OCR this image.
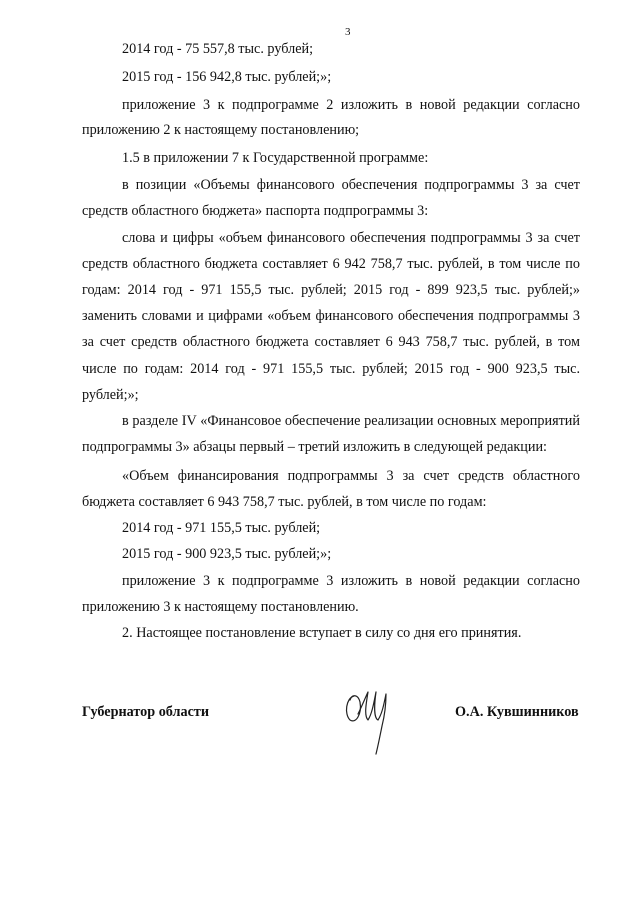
3
2014 год - 75 557,8 тыс. рублей;
2015 год - 156 942,8 тыс. рублей;»;
приложение 3 к подпрограмме 2 изложить в новой редакции согласно
приложению 2 к настоящему постановлению;
1.5 в приложении 7 к Государственной программе:
в позиции «Объемы финансового обеспечения подпрограммы 3 за счет
средств областного бюджета» паспорта подпрограммы 3:
слова и цифры «объем финансового обеспечения подпрограммы 3 за счет
средств областного бюджета составляет 6 942 758,7 тыс. рублей, в том числе по
годам: 2014 год - 971 155,5 тыс. рублей; 2015 год - 899 923,5 тыс. рублей;»
заменить словами и цифрами «объем финансового обеспечения подпрограммы 3
за счет средств областного бюджета составляет 6 943 758,7 тыс. рублей, в том
числе по годам: 2014 год - 971 155,5 тыс. рублей; 2015 год - 900 923,5 тыс.
рублей;»;
в разделе IV «Финансовое обеспечение реализации основных мероприятий
подпрограммы 3» абзацы первый – третий изложить в следующей редакции:
«Объем финансирования подпрограммы 3 за счет средств областного
бюджета составляет 6 943 758,7 тыс. рублей, в том числе по годам:
2014 год - 971 155,5 тыс. рублей;
2015 год - 900 923,5 тыс. рублей;»;
приложение 3 к подпрограмме 3 изложить в новой редакции согласно
приложению 3 к настоящему постановлению.
2. Настоящее постановление вступает в силу со дня его принятия.
Губернатор области	О.А. Кувшинников
